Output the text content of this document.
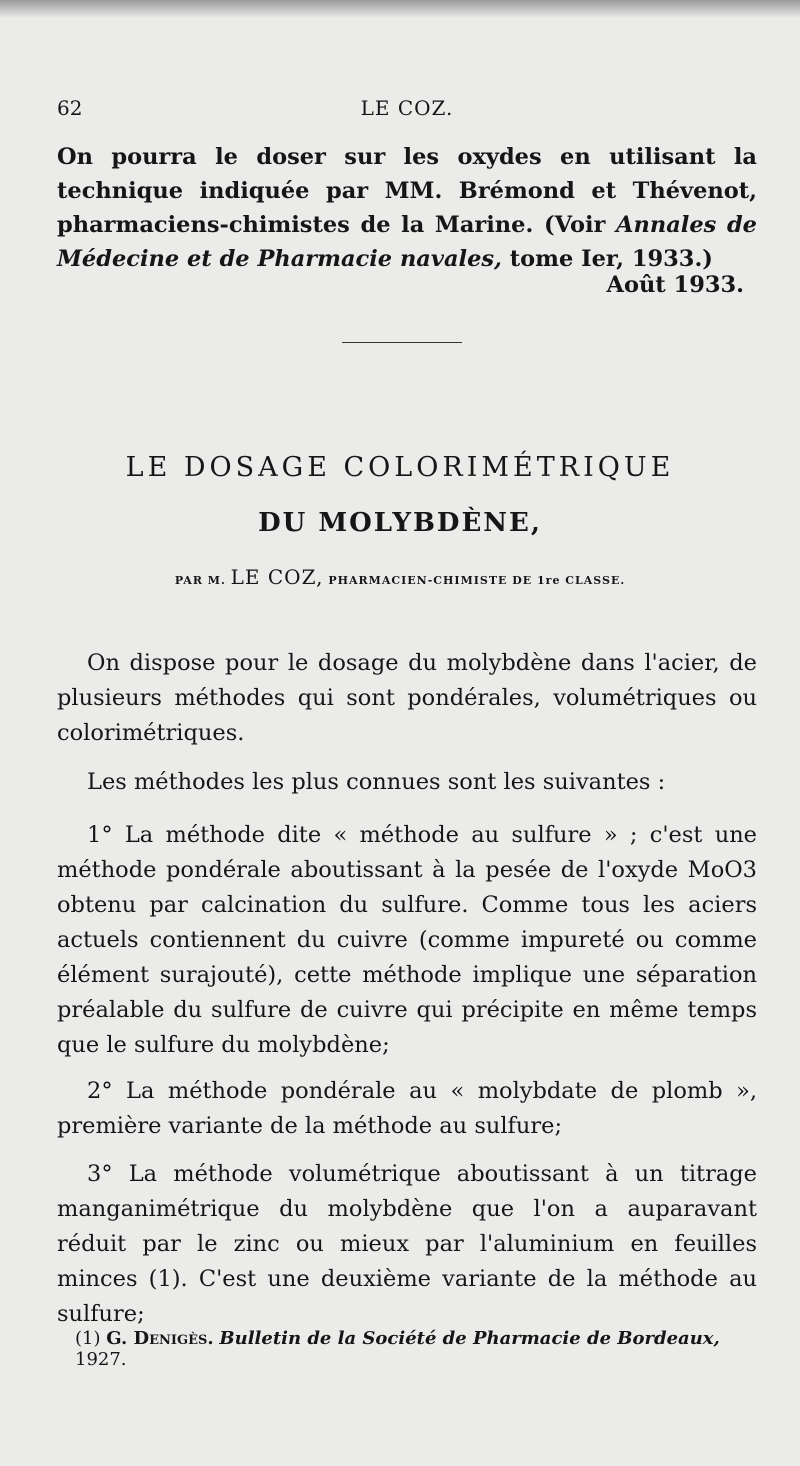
62	LE COZ.
On pourra le doser sur les oxydes en utilisant la technique indiquée par MM. Brémond et Thévenot, pharmaciens-chimistes de la Marine. (Voir Annales de Médecine et de Pharmacie navales, tome Ier, 1933.)
Août 1933.
LE DOSAGE COLORIMÉTRIQUE
DU MOLYBDÈNE,
PAR M. LE COZ, PHARMACIEN-CHIMISTE DE 1re CLASSE.

On dispose pour le dosage du molybdène dans l'acier, de plusieurs méthodes qui sont pondérales, volumétriques ou colorimétriques.

Les méthodes les plus connues sont les suivantes :

1° La méthode dite « méthode au sulfure » ; c'est une méthode pondérale aboutissant à la pesée de l'oxyde MoO3 obtenu par calcination du sulfure. Comme tous les aciers actuels contiennent du cuivre (comme impureté ou comme élément surajouté), cette méthode implique une séparation préalable du sulfure de cuivre qui précipite en même temps que le sulfure du molybdène;

2° La méthode pondérale au « molybdate de plomb », première variante de la méthode au sulfure;

3° La méthode volumétrique aboutissant à un titrage manganimétrique du molybdène que l'on a auparavant réduit par le zinc ou mieux par l'aluminium en feuilles minces (1). C'est une deuxième variante de la méthode au sulfure;

(1) G. Denigès. Bulletin de la Société de Pharmacie de Bordeaux, 1927.
